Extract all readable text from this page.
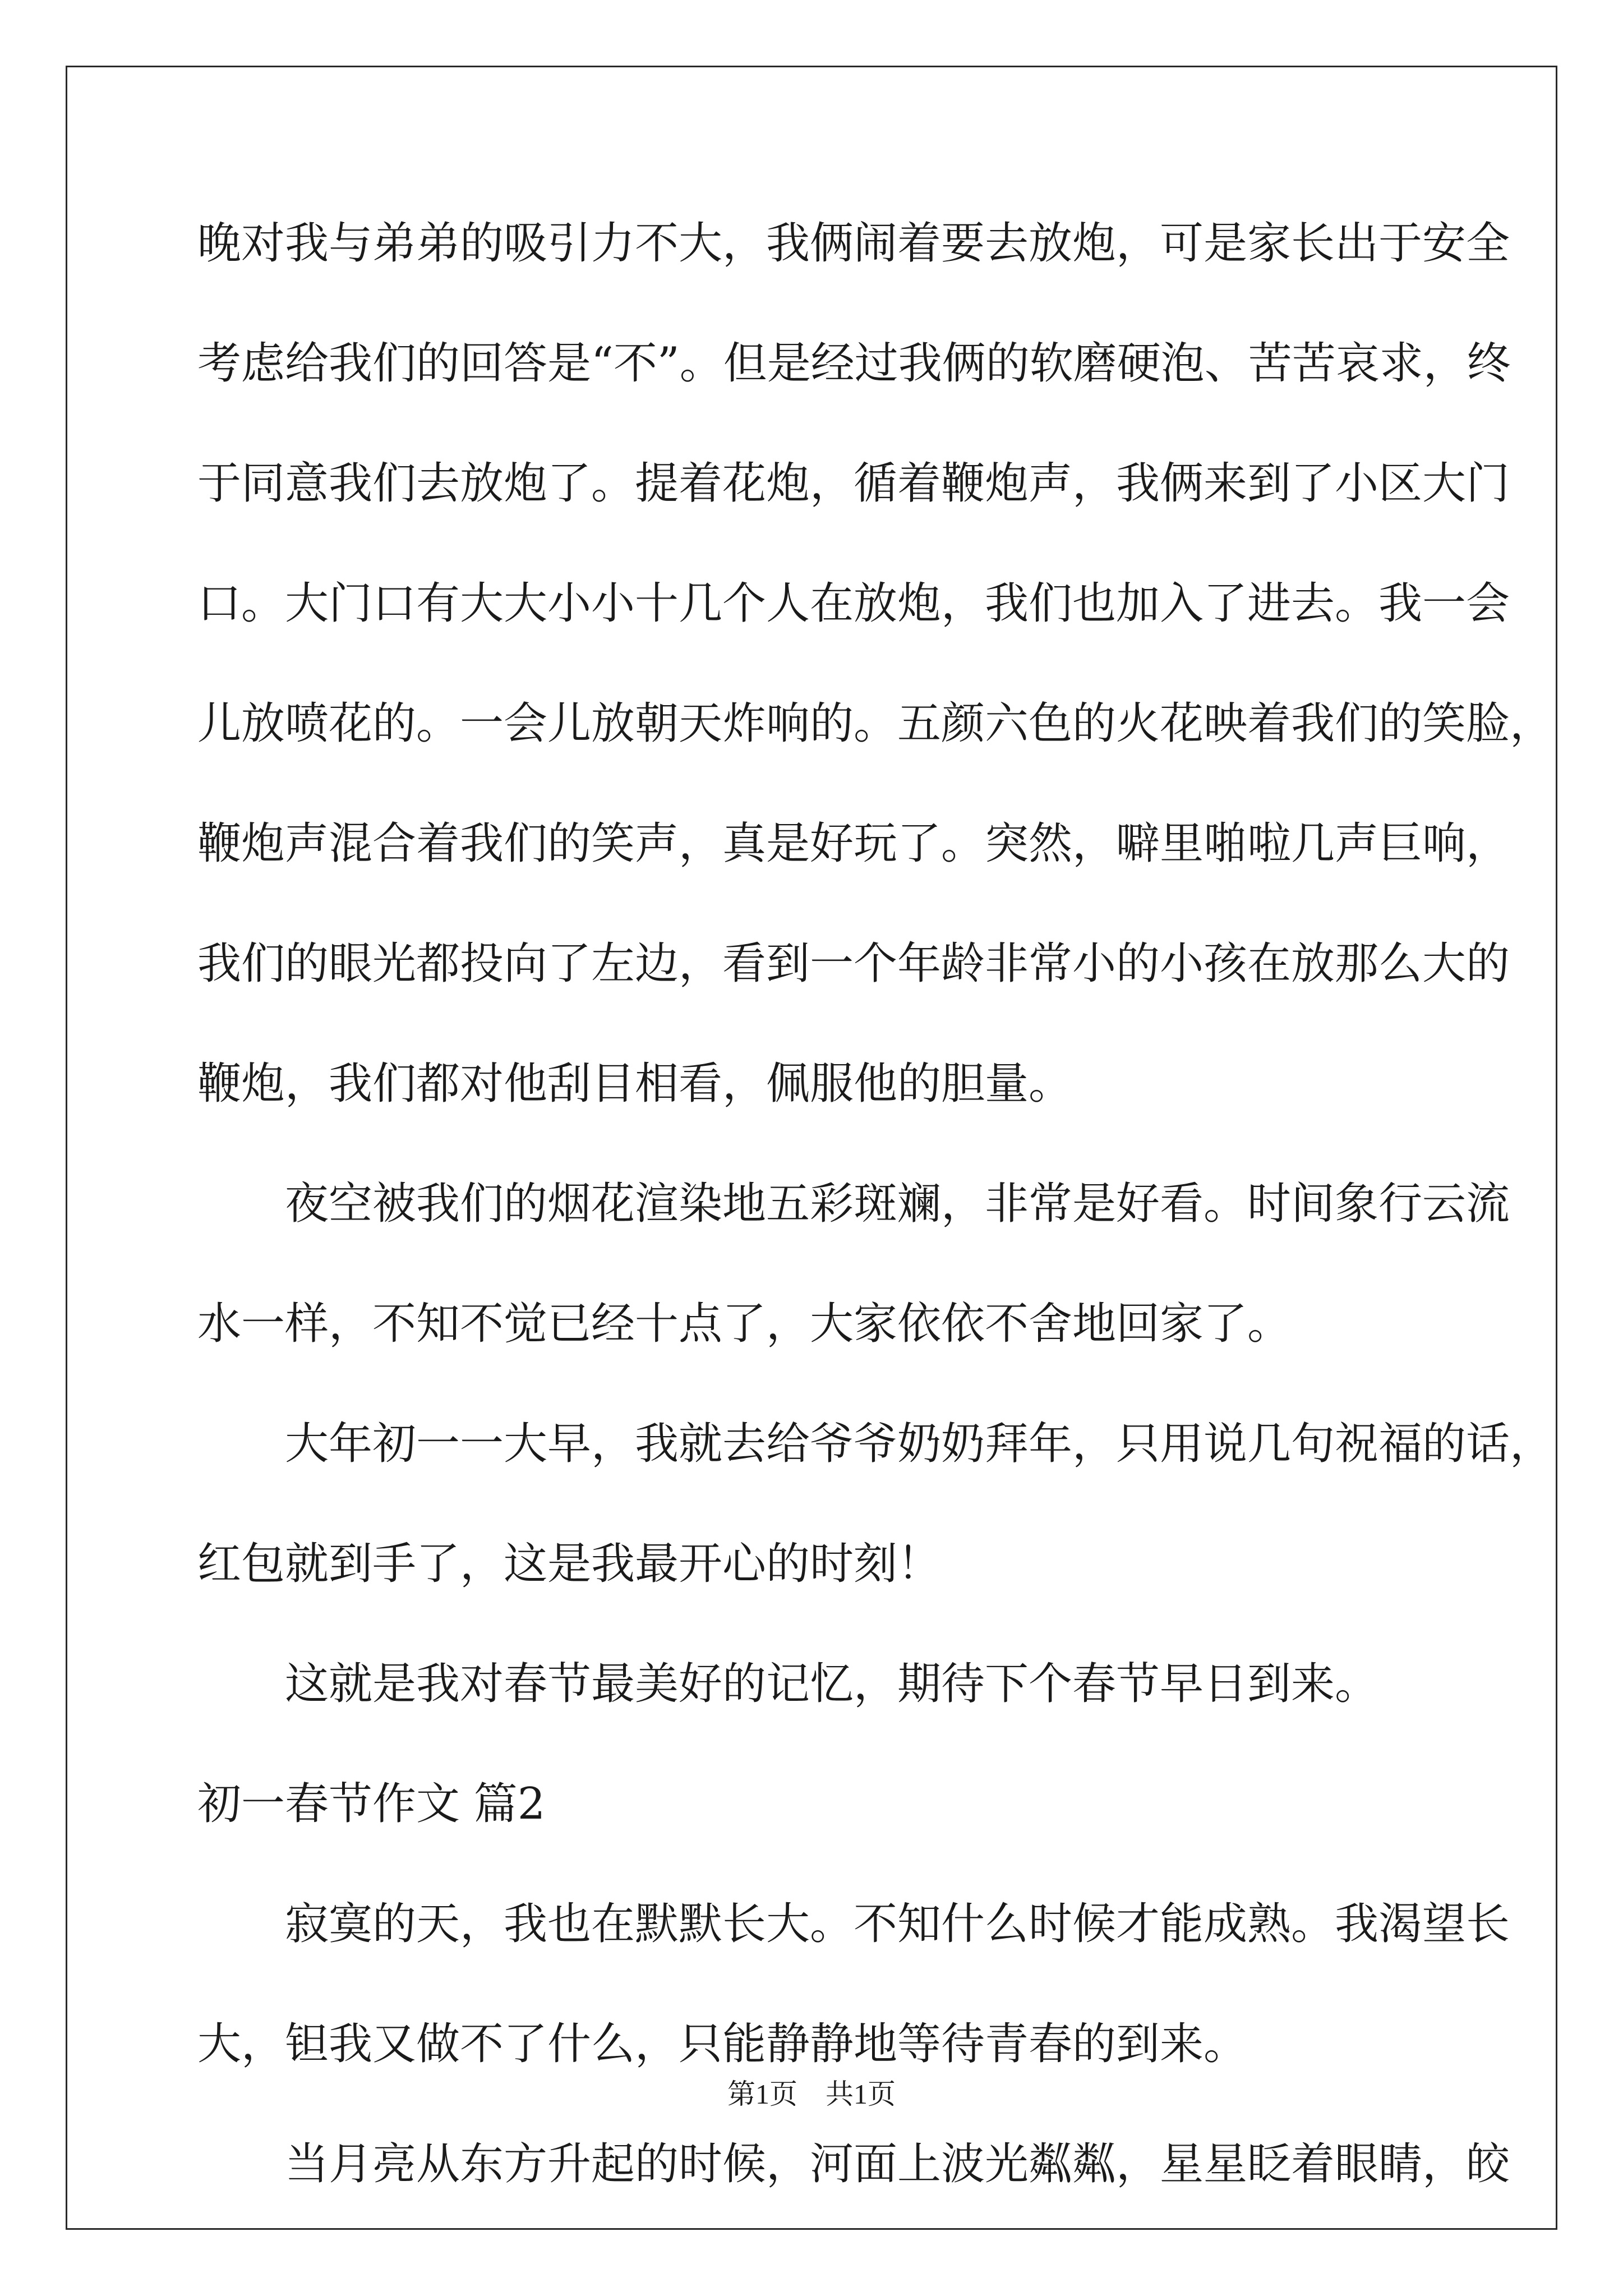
晚对我与弟弟的吸引力不大，我俩闹着要去放炮，可是家长出于安全
考虑给我们的回答是“不”。但是经过我俩的软磨硬泡、苦苦哀求，终
于同意我们去放炮了。提着花炮，循着鞭炮声，我俩来到了小区大门
口。大门口有大大小小十几个人在放炮，我们也加入了进去。我一会
儿放喷花的。一会儿放朝天炸响的。五颜六色的火花映着我们的笑脸，
鞭炮声混合着我们的笑声，真是好玩了。突然，噼里啪啦几声巨响，
我们的眼光都投向了左边，看到一个年龄非常小的小孩在放那么大的
鞭炮，我们都对他刮目相看，佩服他的胆量。
夜空被我们的烟花渲染地五彩斑斓，非常是好看。时间象行云流
水一样，不知不觉已经十点了，大家依依不舍地回家了。
大年初一一大早，我就去给爷爷奶奶拜年，只用说几句祝福的话，
红包就到手了，这是我最开心的时刻！
这就是我对春节最美好的记忆，期待下个春节早日到来。
初一春节作文 篇2
寂寞的天，我也在默默长大。不知什么时候才能成熟。我渴望长
大，钽我又做不了什么，只能静静地等待青春的到来。
当月亮从东方升起的时候，河面上波光粼粼，星星眨着眼睛，皎
第1页　共1页
